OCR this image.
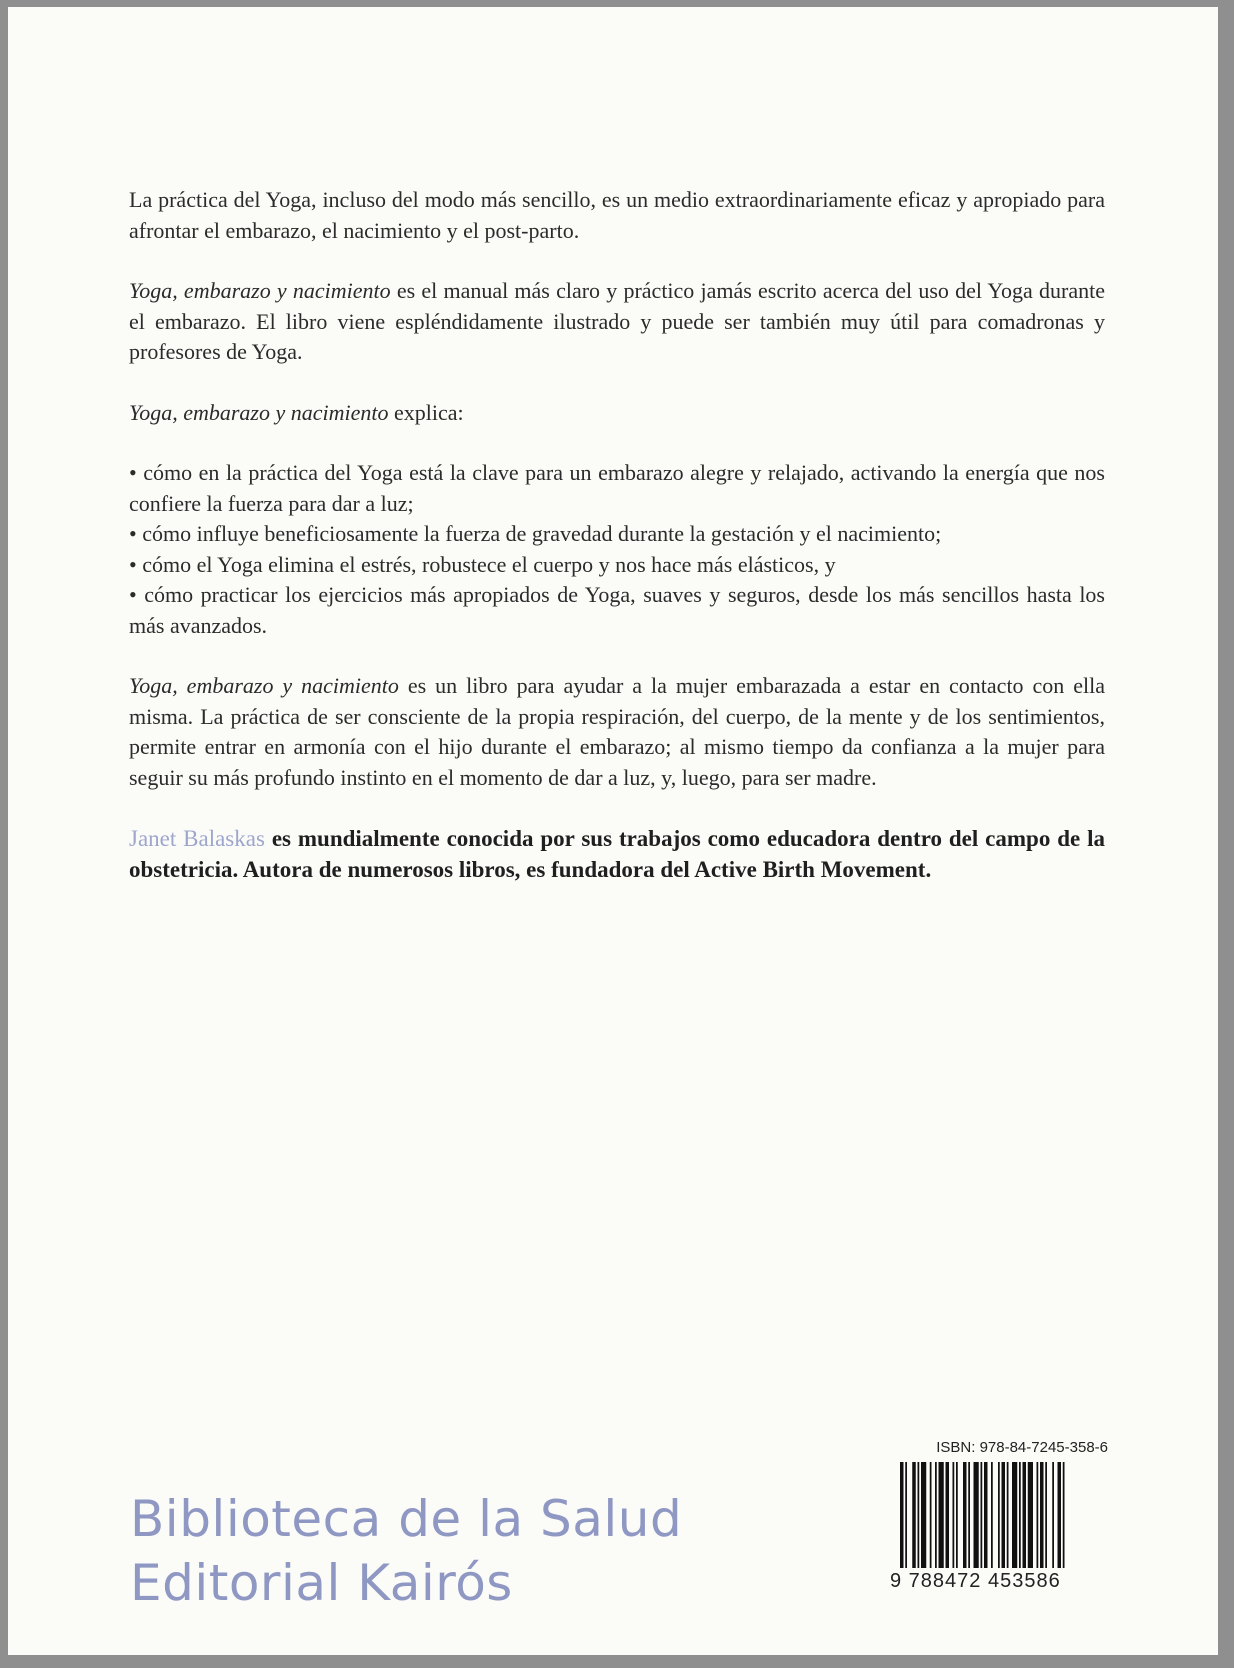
La práctica del Yoga, incluso del modo más sencillo, es un medio extraordinariamente eficaz y apropiado para afrontar el embarazo, el nacimiento y el post-parto.

Yoga, embarazo y nacimiento es el manual más claro y práctico jamás escrito acerca del uso del Yoga durante el embarazo. El libro viene espléndidamente ilustrado y puede ser también muy útil para comadronas y profesores de Yoga.

Yoga, embarazo y nacimiento explica:

• cómo en la práctica del Yoga está la clave para un embarazo alegre y relajado, activando la energía que nos confiere la fuerza para dar a luz;
• cómo influye beneficiosamente la fuerza de gravedad durante la gestación y el nacimiento;
• cómo el Yoga elimina el estrés, robustece el cuerpo y nos hace más elásticos, y
• cómo practicar los ejercicios más apropiados de Yoga, suaves y seguros, desde los más sencillos hasta los más avanzados.

Yoga, embarazo y nacimiento es un libro para ayudar a la mujer embarazada a estar en contacto con ella misma. La práctica de ser consciente de la propia respiración, del cuerpo, de la mente y de los sentimientos, permite entrar en armonía con el hijo durante el embarazo; al mismo tiempo da confianza a la mujer para seguir su más profundo instinto en el momento de dar a luz, y, luego, para ser madre.

Janet Balaskas es mundialmente conocida por sus trabajos como educadora dentro del campo de la obstetricia. Autora de numerosos libros, es fundadora del Active Birth Movement.

Biblioteca de la Salud
Editorial Kairós
ISBN: 978-84-7245-358-6
9 788472 453586
